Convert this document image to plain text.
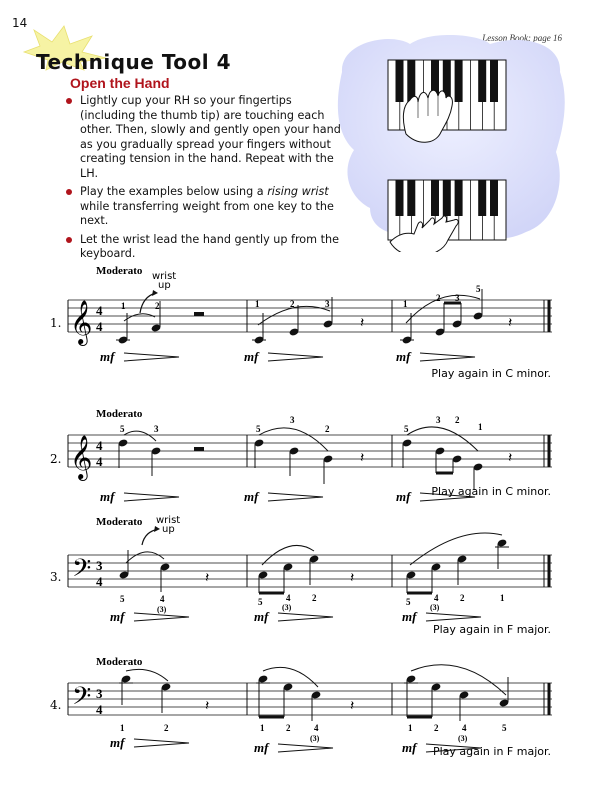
14
Lesson Book: page 16
Technique Tool 4
Open the Hand
Lightly cup your RH so your fingertips (including the thumb tip) are touching each other. Then, slowly and gently open your hand as you gradually spread your fingers without creating tension in the hand. Repeat with the LH.
Play the examples below using a rising wrist while transferring weight from one key to the next.
Let the wrist lead the hand gently up from the keyboard.
Moderato wrist
up
1. 𝄞 4
4
1	2
𝄽
1	2	3
𝄽
1
2 3
5
mf	mf	mf
Play again in C minor.
Moderato
2. 𝄞 4
4
5	3
𝄽
5
3
2
𝄽
5
3 2
1
mf	mf	mf Play again in C minor.
Moderato wrist
up
3. 𝄢 3
4	𝄽
5	4
(3)
𝄽
5	4
(3)
2	5	4
(3)
2	1
mf	mf	mf
Play again in F major.
Moderato
4. 𝄢 3
4	𝄽
1	2
𝄽
1 2	4
(3)
1 2	4
(3)
5
mf	mf	mf Play again in F major.
